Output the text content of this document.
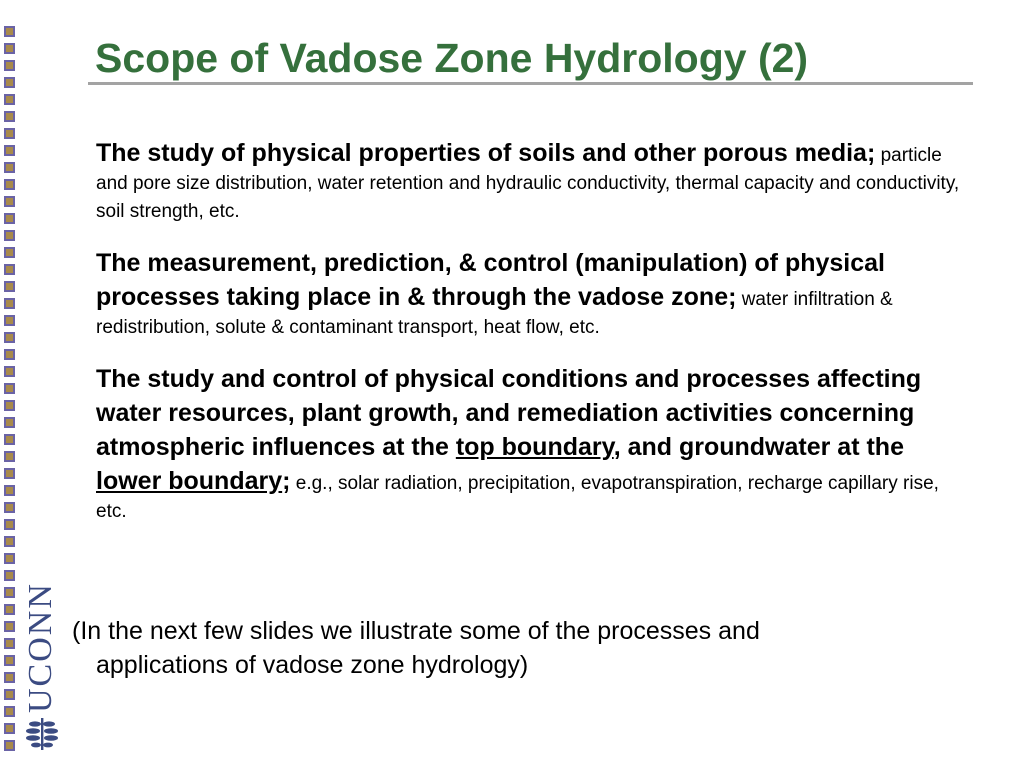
Scope of Vadose Zone Hydrology (2)

The study of physical properties of soils and other porous media; particle and pore size distribution, water retention and hydraulic conductivity, thermal capacity and conductivity, soil strength, etc.

The measurement, prediction, & control (manipulation) of physical processes taking place in & through the vadose zone; water infiltration & redistribution, solute & contaminant transport, heat flow, etc.

The study and control of physical conditions and processes affecting water resources, plant growth, and remediation activities concerning atmospheric influences at the top boundary, and groundwater at the lower boundary; e.g., solar radiation, precipitation, evapotranspiration, recharge capillary rise, etc.

(In the next few slides we illustrate some of the processes and
applications of vadose zone hydrology)

UCONN
